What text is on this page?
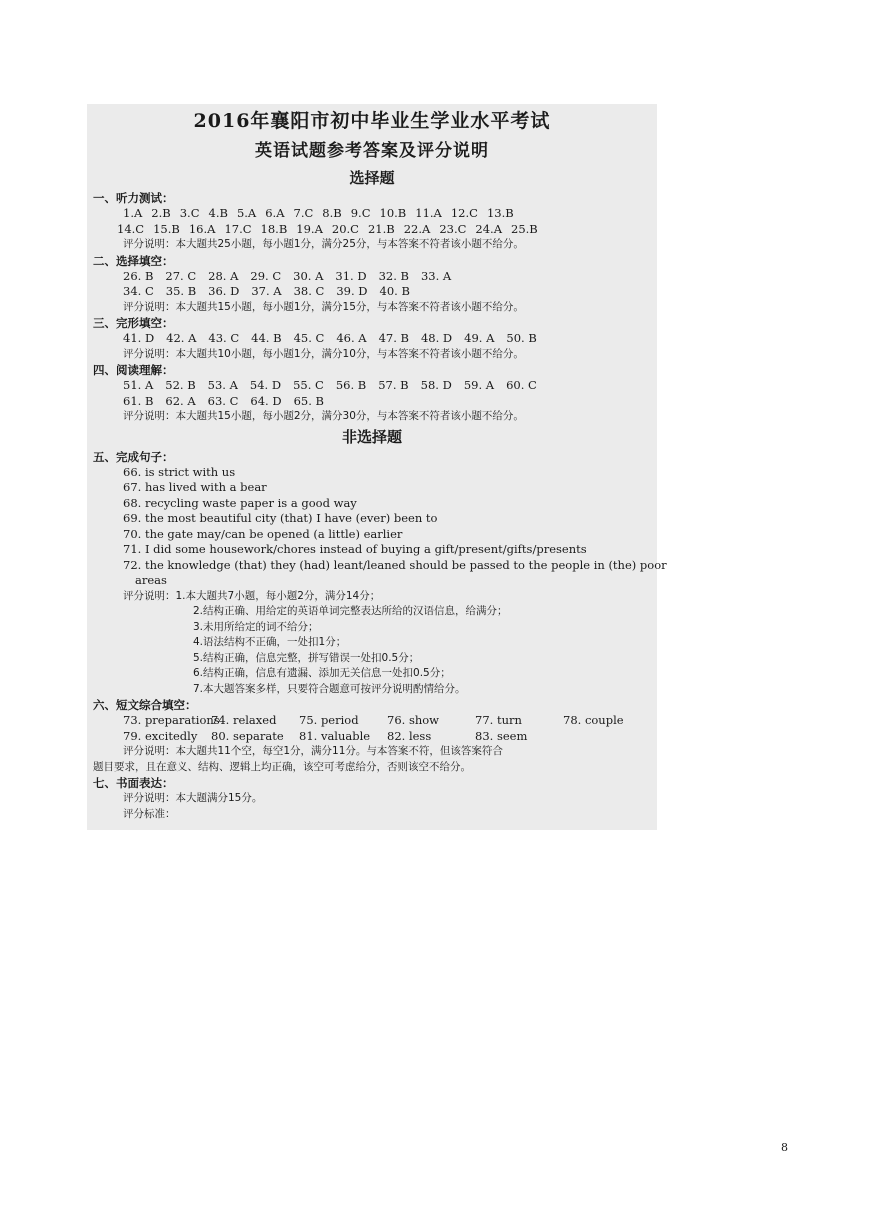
2016年襄阳市初中毕业生学业水平考试
英语试题参考答案及评分说明
选择题
一、听力测试：
1.A 2.B 3.C 4.B 5.A 6.A 7.C 8.B 9.C 10.B 11.A 12.C 13.B
14.C 15.B 16.A 17.C 18.B 19.A 20.C 21.B 22.A 23.C 24.A 25.B
评分说明：本大题共25小题，每小题1分，满分25分，与本答案不符者该小题不给分。
二、选择填空：
26. B 27. C 28. A 29. C 30. A 31. D 32. B 33. A
34. C 35. B 36. D 37. A 38. C 39. D 40. B
评分说明：本大题共15小题，每小题1分，满分15分，与本答案不符者该小题不给分。
三、完形填空：
41. D 42. A 43. C 44. B 45. C 46. A 47. B 48. D 49. A 50. B
评分说明：本大题共10小题，每小题1分，满分10分，与本答案不符者该小题不给分。
四、阅读理解：
51. A 52. B 53. A 54. D 55. C 56. B 57. B 58. D 59. A 60. C
61. B 62. A 63. C 64. D 65. B
评分说明：本大题共15小题，每小题2分，满分30分，与本答案不符者该小题不给分。
非选择题
五、完成句子：
66. is strict with us
67. has lived with a bear
68. recycling waste paper is a good way
69. the most beautiful city (that) I have (ever) been to
70. the gate may/can be opened (a little) earlier
71. I did some housework/chores instead of buying a gift/present/gifts/presents
72. the knowledge (that) they (had) leant/leaned should be passed to the people in (the) poor
areas
评分说明：1.本大题共7小题，每小题2分，满分14分；
2.结构正确、用给定的英语单词完整表达所给的汉语信息，给满分；
3.未用所给定的词不给分；
4.语法结构不正确，一处扣1分；
5.结构正确，信息完整，拼写错误一处扣0.5分；
6.结构正确，信息有遗漏、添加无关信息一处扣0.5分；
7.本大题答案多样，只要符合题意可按评分说明酌情给分。
六、短文综合填空：
73. preparations
74. relaxed	75. period	76. show	77. turn	78. couple
79. excitedly	80. separate	81. valuable	82. less	83. seem
评分说明：本大题共11个空，每空1分，满分11分。与本答案不符，但该答案符合
题目要求，且在意义、结构、逻辑上均正确，该空可考虑给分，否则该空不给分。
七、书面表达：
评分说明：本大题满分15分。
评分标准：
8
